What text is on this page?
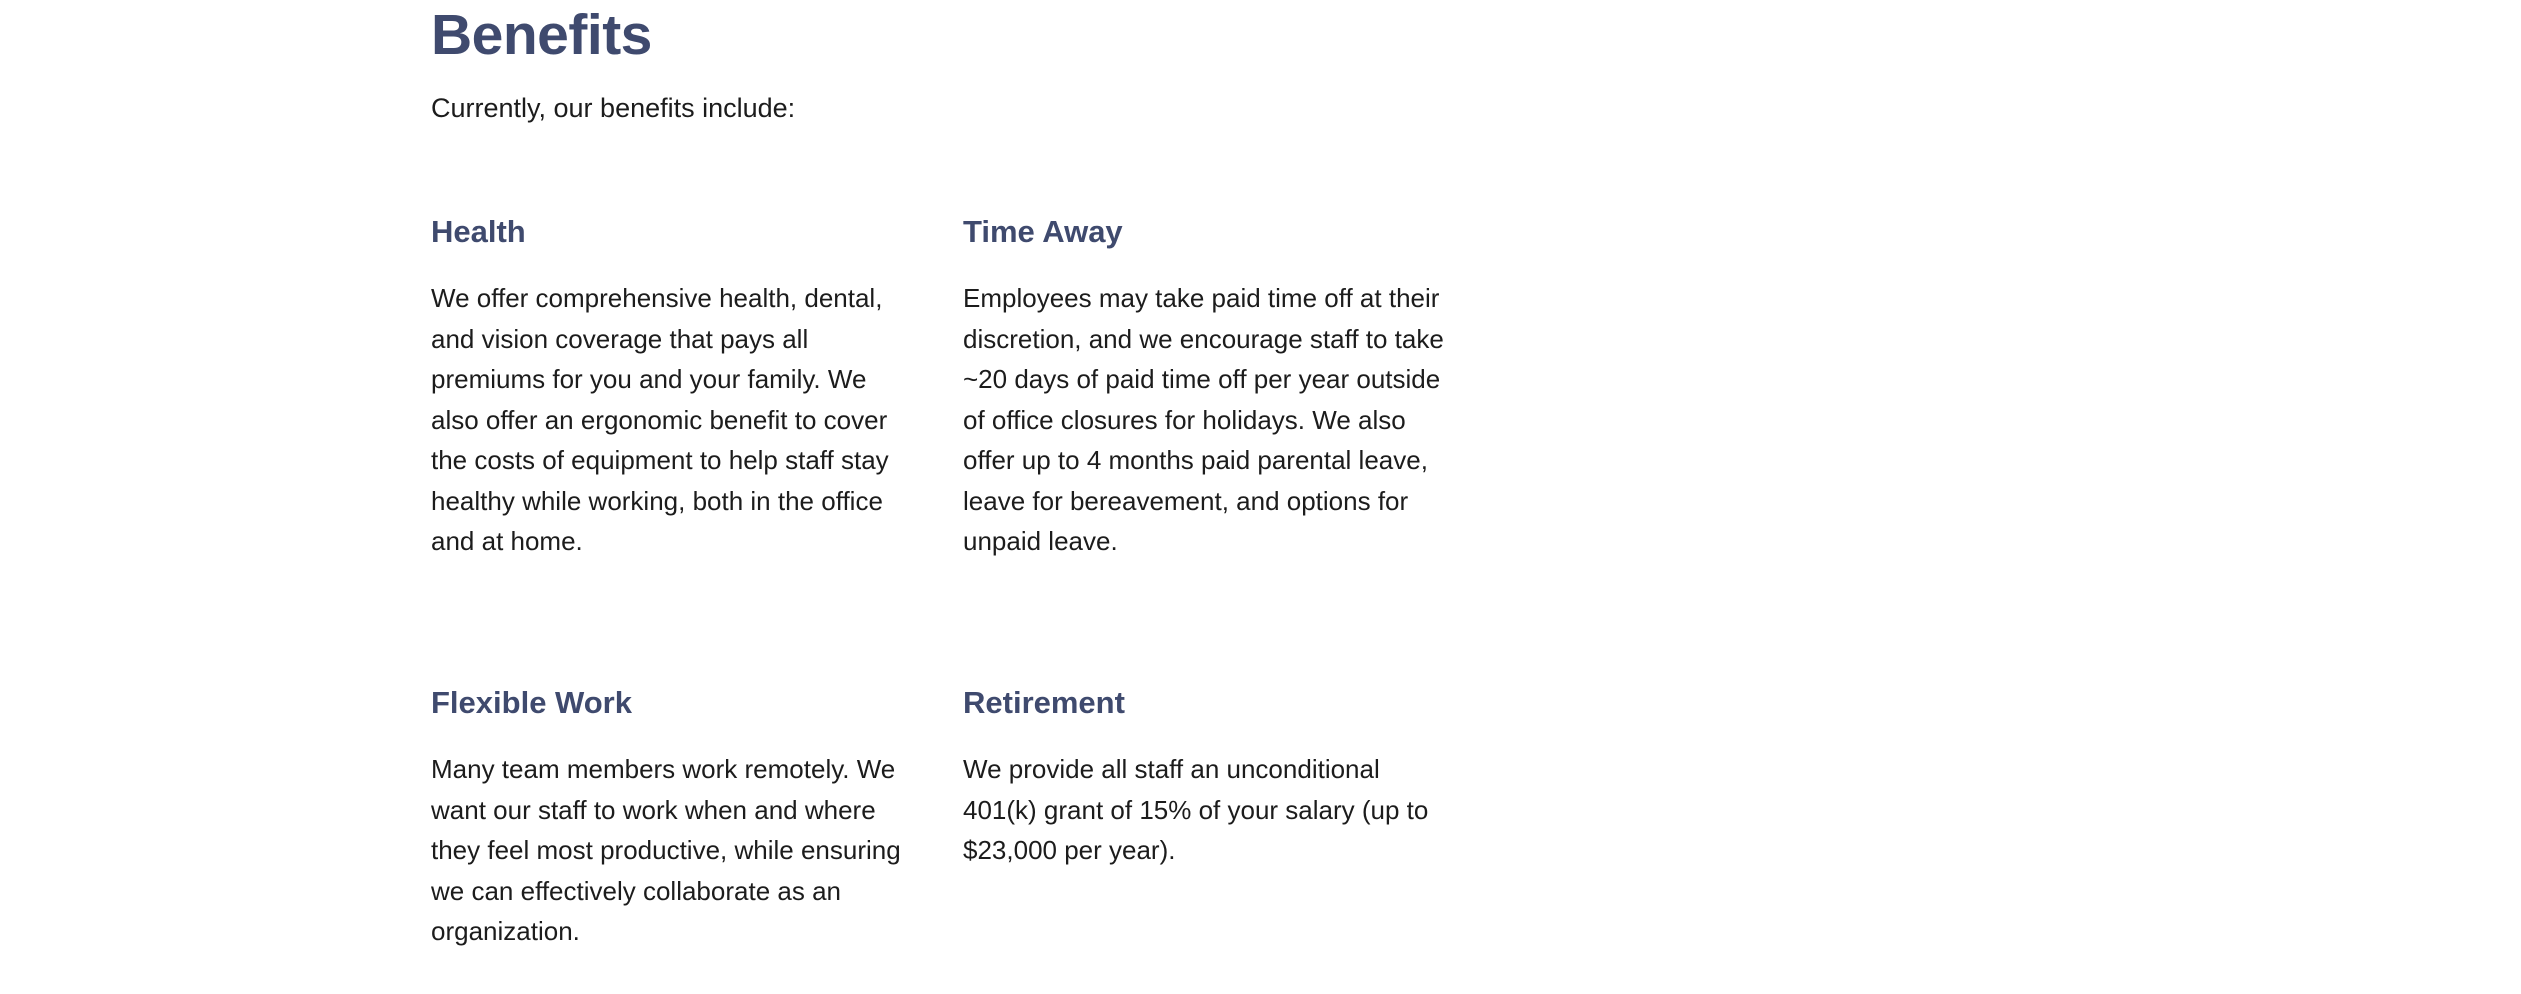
Benefits

Currently, our benefits include:

Health

We offer comprehensive health, dental, and vision coverage that pays all premiums for you and your family. We also offer an ergonomic benefit to cover the costs of equipment to help staff stay healthy while working, both in the office and at home.

Time Away

Employees may take paid time off at their discretion, and we encourage staff to take ~20 days of paid time off per year outside of office closures for holidays. We also offer up to 4 months paid parental leave, leave for bereavement, and options for unpaid leave.

Flexible Work

Many team members work remotely. We want our staff to work when and where they feel most productive, while ensuring we can effectively collaborate as an organization.

Retirement

We provide all staff an unconditional 401(k) grant of 15% of your salary (up to $23,000 per year).
